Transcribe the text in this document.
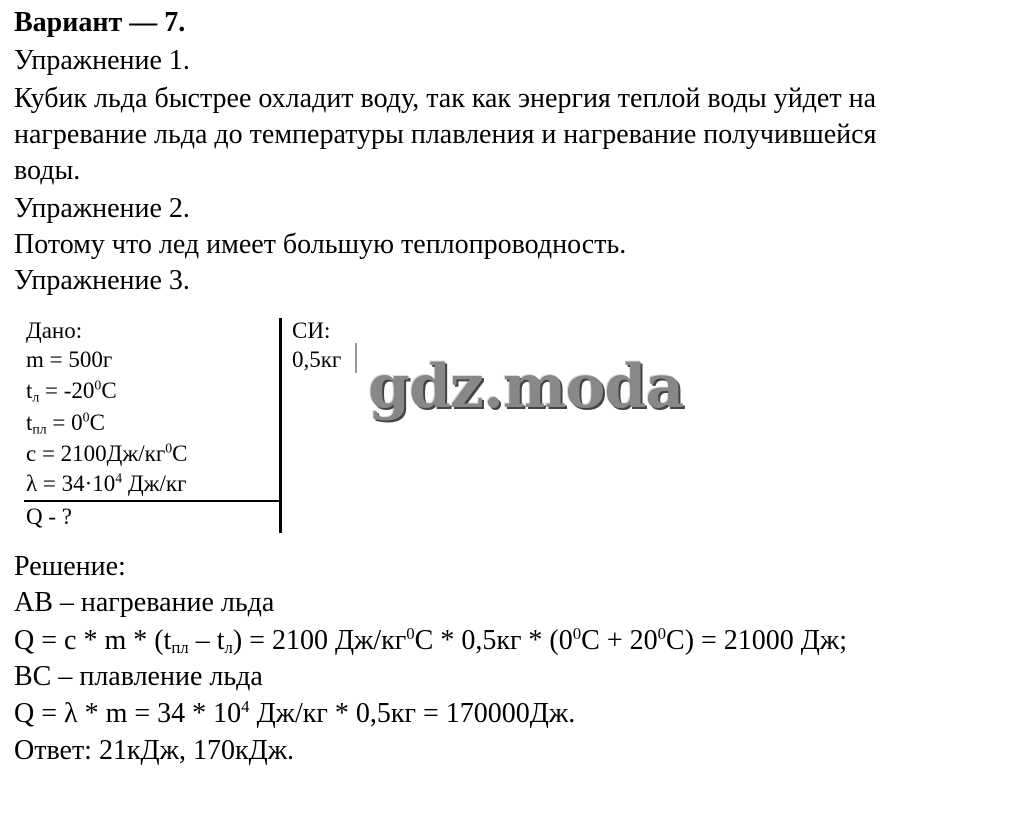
Вариант — 7.
Упражнение 1.
Кубик льда быстрее охладит воду, так как энергия теплой воды уйдет на
нагревание льда до температуры плавления и нагревание получившейся
воды.
Упражнение 2.
Потому что лед имеет большую теплопроводность.
Упражнение 3.
Дано:
m = 500г
$t_л = -20^0C$
$t_{пл} = 0^0C$
$c = 2100Дж/кг^0C$
$\lambda = 34\cdot 10^4$ Дж/кг
Q - ?
СИ:
0,5кг gdz.moda
Решение:
AB – нагревание льда
$Q = c * m * (t_{пл} - t_л) = 2100$ $Дж/кг^0C * 0,5кг * (0^0C + 20^0C) = 21000$ Дж;
BC – плавление льда
$Q = \lambda * m = 34 * 10^4$ Дж/кг * 0,5кг = 170000Дж.
Ответ: 21кДж, 170кДж.
